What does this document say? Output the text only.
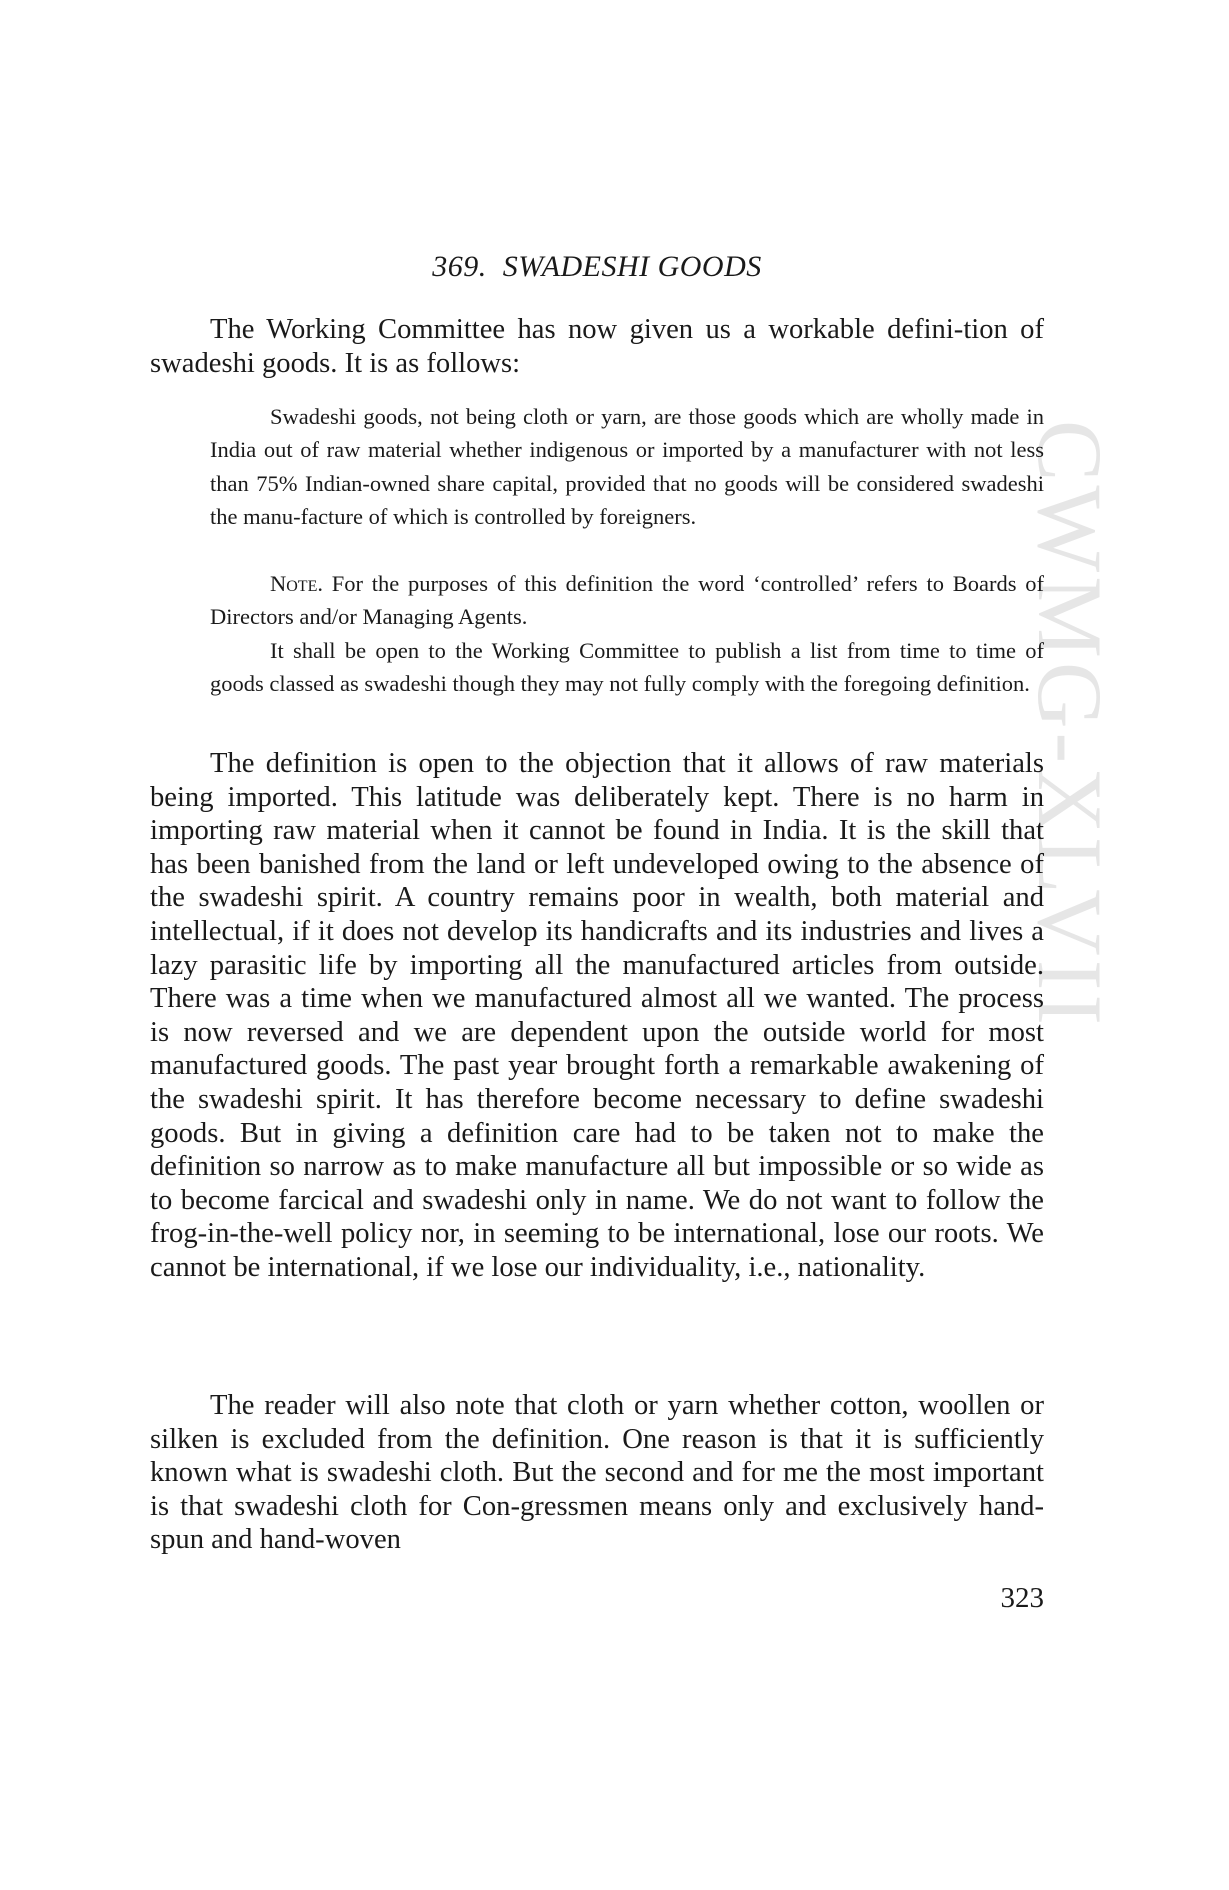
CWMG-XLVII
369. SWADESHI GOODS

The Working Committee has now given us a workable defini-tion of swadeshi goods. It is as follows:

Swadeshi goods, not being cloth or yarn, are those goods which are wholly made in India out of raw material whether indigenous or imported by a manufacturer with not less than 75% Indian-owned share capital, provided that no goods will be considered swadeshi the manu-facture of which is controlled by foreigners.

Note. For the purposes of this definition the word ‘controlled’ refers to Boards of Directors and/or Managing Agents.

It shall be open to the Working Committee to publish a list from time to time of goods classed as swadeshi though they may not fully comply with the foregoing definition.

The definition is open to the objection that it allows of raw materials being imported. This latitude was deliberately kept. There is no harm in importing raw material when it cannot be found in India. It is the skill that has been banished from the land or left undeveloped owing to the absence of the swadeshi spirit. A country remains poor in wealth, both material and intellectual, if it does not develop its handicrafts and its industries and lives a lazy parasitic life by importing all the manufactured articles from outside. There was a time when we manufactured almost all we wanted. The process is now reversed and we are dependent upon the outside world for most manufactured goods. The past year brought forth a remarkable awakening of the swadeshi spirit. It has therefore become necessary to define swadeshi goods. But in giving a definition care had to be taken not to make the definition so narrow as to make manufacture all but impossible or so wide as to become farcical and swadeshi only in name. We do not want to follow the frog-in-the-well policy nor, in seeming to be international, lose our roots. We cannot be international, if we lose our individuality, i.e., nationality.

The reader will also note that cloth or yarn whether cotton, woollen or silken is excluded from the definition. One reason is that it is sufficiently known what is swadeshi cloth. But the second and for me the most important is that swadeshi cloth for Con-gressmen means only and exclusively hand-spun and hand-woven

323
